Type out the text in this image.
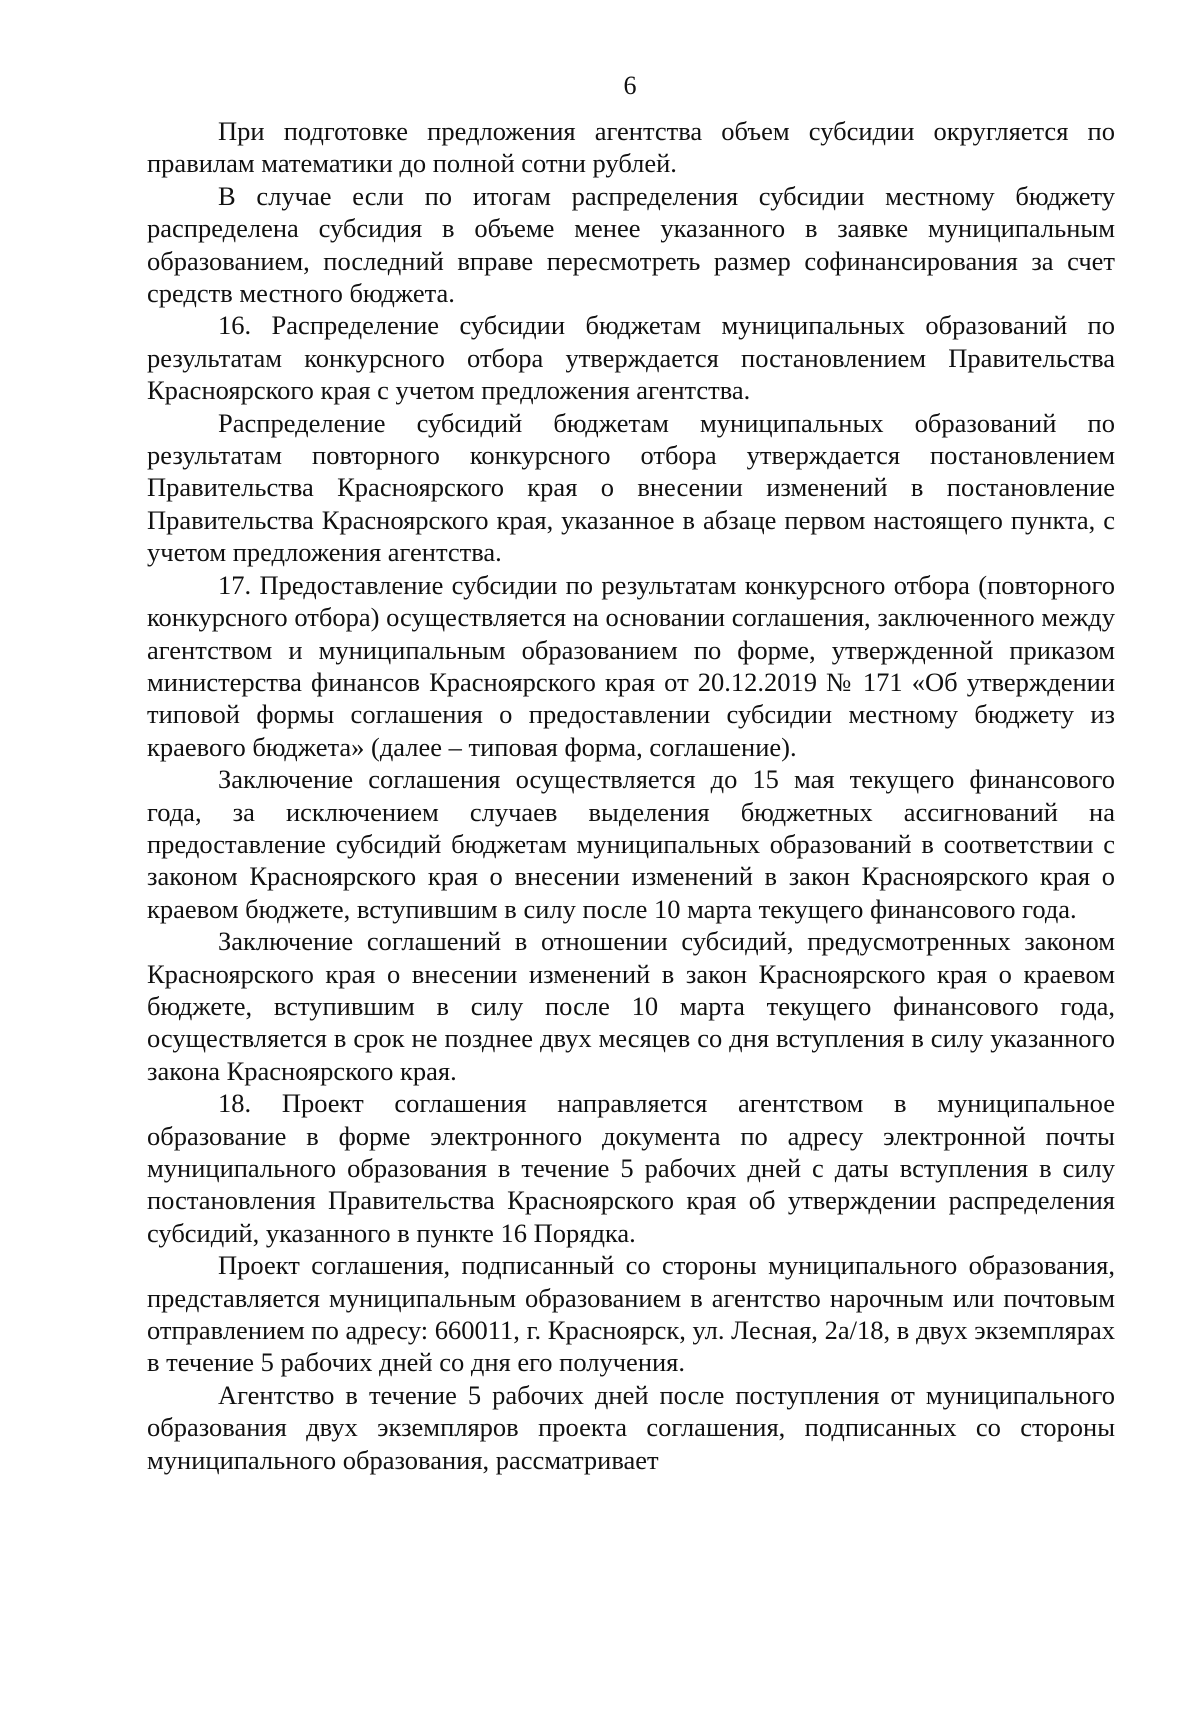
6

При подготовке предложения агентства объем субсидии округляется по правилам математики до полной сотни рублей.

В случае если по итогам распределения субсидии местному бюджету распределена субсидия в объеме менее указанного в заявке муниципальным образованием, последний вправе пересмотреть размер софинансирования за счет средств местного бюджета.

16. Распределение субсидии бюджетам муниципальных образований по результатам конкурсного отбора утверждается постановлением Правительства Красноярского края с учетом предложения агентства.

Распределение субсидий бюджетам муниципальных образований по результатам повторного конкурсного отбора утверждается постановлением Правительства Красноярского края о внесении изменений в постановление Правительства Красноярского края, указанное в абзаце первом настоящего пункта, с учетом предложения агентства.

17. Предоставление субсидии по результатам конкурсного отбора (повторного конкурсного отбора) осуществляется на основании соглашения, заключенного между агентством и муниципальным образованием по форме, утвержденной приказом министерства финансов Красноярского края от 20.12.2019 № 171 «Об утверждении типовой формы соглашения о предоставлении субсидии местному бюджету из краевого бюджета» (далее – типовая форма, соглашение).

Заключение соглашения осуществляется до 15 мая текущего финансового года, за исключением случаев выделения бюджетных ассигнований на предоставление субсидий бюджетам муниципальных образований в соответствии с законом Красноярского края о внесении изменений в закон Красноярского края о краевом бюджете, вступившим в силу после 10 марта текущего финансового года.

Заключение соглашений в отношении субсидий, предусмотренных законом Красноярского края о внесении изменений в закон Красноярского края о краевом бюджете, вступившим в силу после 10 марта текущего финансового года, осуществляется в срок не позднее двух месяцев со дня вступления в силу указанного закона Красноярского края.

18. Проект соглашения направляется агентством в муниципальное образование в форме электронного документа по адресу электронной почты муниципального образования в течение 5 рабочих дней с даты вступления в силу постановления Правительства Красноярского края об утверждении распределения субсидий, указанного в пункте 16 Порядка.

Проект соглашения, подписанный со стороны муниципального образования, представляется муниципальным образованием в агентство нарочным или почтовым отправлением по адресу: 660011, г. Красноярск, ул. Лесная, 2а/18, в двух экземплярах в течение 5 рабочих дней со дня его получения.

Агентство в течение 5 рабочих дней после поступления от муниципального образования двух экземпляров проекта соглашения, подписанных со стороны муниципального образования, рассматривает
